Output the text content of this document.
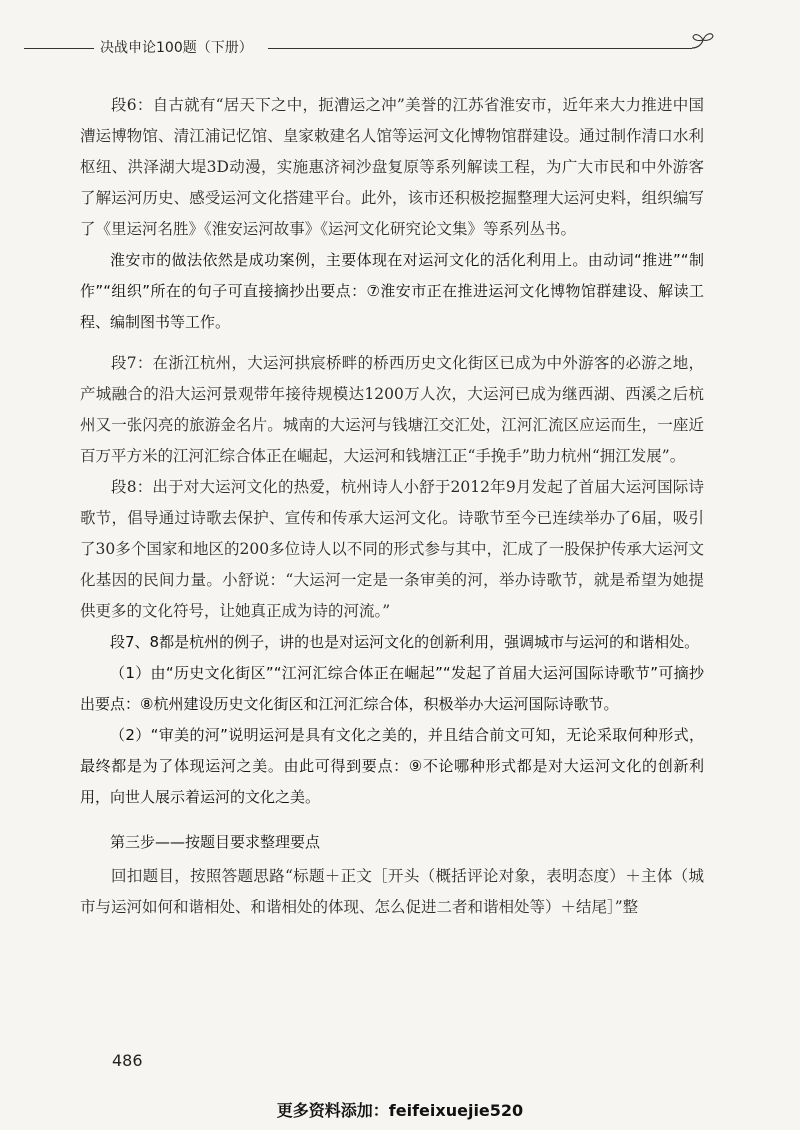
决战申论100题（下册）

段6：自古就有“居天下之中，扼漕运之冲”美誉的江苏省淮安市，近年来大力推进中国漕运博物馆、清江浦记忆馆、皇家敕建名人馆等运河文化博物馆群建设。通过制作清口水利枢纽、洪泽湖大堤3D动漫，实施惠济祠沙盘复原等系列解读工程，为广大市民和中外游客了解运河历史、感受运河文化搭建平台。此外，该市还积极挖掘整理大运河史料，组织编写了《里运河名胜》《淮安运河故事》《运河文化研究论文集》等系列丛书。

淮安市的做法依然是成功案例，主要体现在对运河文化的活化利用上。由动词“推进”“制作”“组织”所在的句子可直接摘抄出要点：⑦淮安市正在推进运河文化博物馆群建设、解读工程、编制图书等工作。

段7：在浙江杭州，大运河拱宸桥畔的桥西历史文化街区已成为中外游客的必游之地，产城融合的沿大运河景观带年接待规模达1200万人次，大运河已成为继西湖、西溪之后杭州又一张闪亮的旅游金名片。城南的大运河与钱塘江交汇处，江河汇流区应运而生，一座近百万平方米的江河汇综合体正在崛起，大运河和钱塘江正“手挽手”助力杭州“拥江发展”。

段8：出于对大运河文化的热爱，杭州诗人小舒于2012年9月发起了首届大运河国际诗歌节，倡导通过诗歌去保护、宣传和传承大运河文化。诗歌节至今已连续举办了6届，吸引了30多个国家和地区的200多位诗人以不同的形式参与其中，汇成了一股保护传承大运河文化基因的民间力量。小舒说：“大运河一定是一条审美的河，举办诗歌节，就是希望为她提供更多的文化符号，让她真正成为诗的河流。”

段7、8都是杭州的例子，讲的也是对运河文化的创新利用，强调城市与运河的和谐相处。

（1）由“历史文化街区”“江河汇综合体正在崛起”“发起了首届大运河国际诗歌节”可摘抄出要点：⑧杭州建设历史文化街区和江河汇综合体，积极举办大运河国际诗歌节。

（2）“审美的河”说明运河是具有文化之美的，并且结合前文可知，无论采取何种形式，最终都是为了体现运河之美。由此可得到要点：⑨不论哪种形式都是对大运河文化的创新利用，向世人展示着运河的文化之美。

第三步——按题目要求整理要点

回扣题目，按照答题思路“标题＋正文［开头（概括评论对象，表明态度）＋主体（城市与运河如何和谐相处、和谐相处的体现、怎么促进二者和谐相处等）＋结尾］”整

486
更多资料添加：feifeixuejie520
